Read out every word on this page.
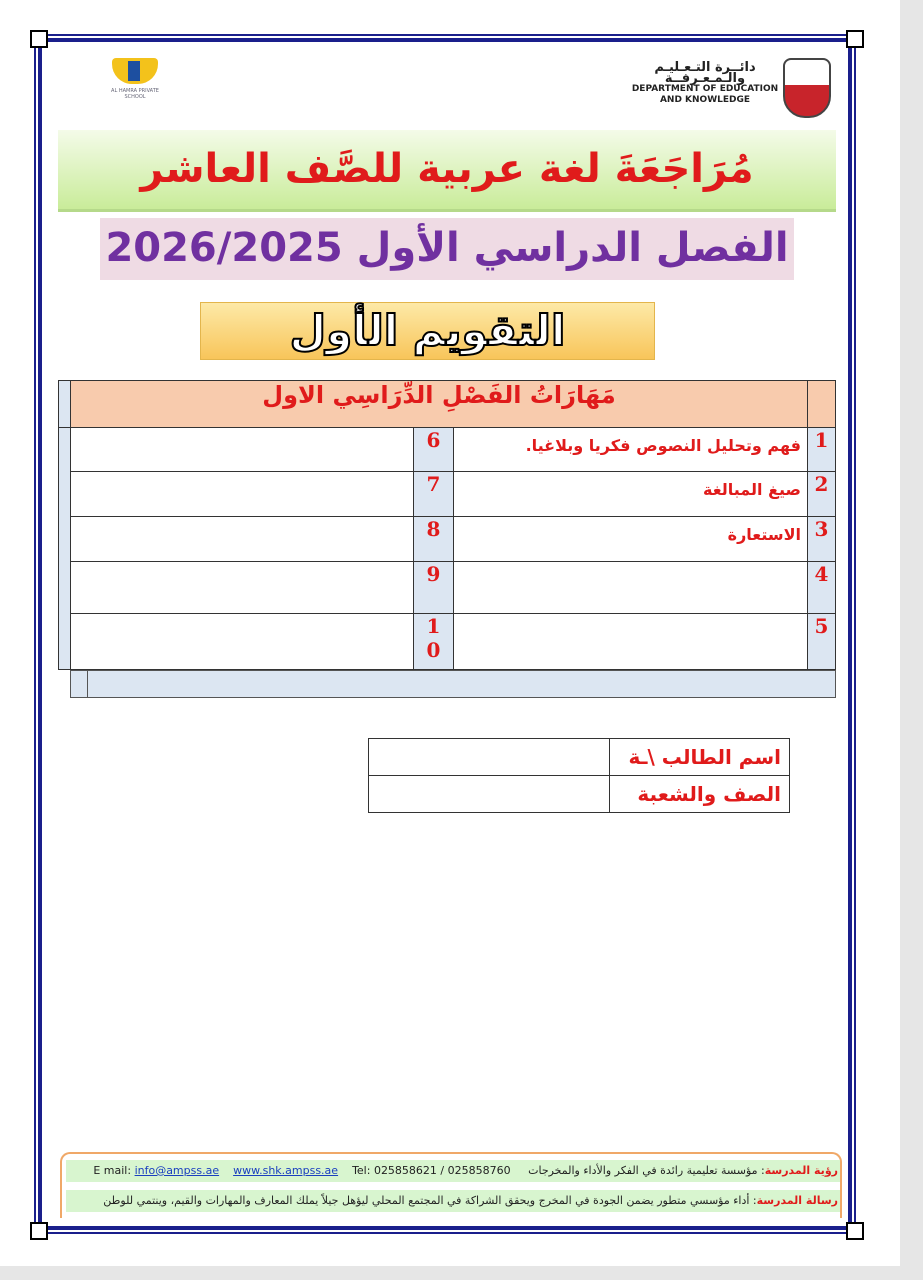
AL HAMRA PRIVATE SCHOOL
دائــرة التـعـليـم والـمـعـرفــة
DEPARTMENT OF EDUCATION
AND KNOWLEDGE
مُرَاجَعَةَ لغة عربية للصَّف العاشر
الفصل الدراسي الأول 2026/2025
التقويم الأول
	مَهَارَاتُ الفَصْلِ الدِّرَاسِي الاول			
		6	فهم وتحليل النصوص فكريا وبلاغيا.	1
		7	صيغ المبالغة	2
		8	الاستعارة	3
		9		4
		10		5
	اسم الطالب \ـة
	الصف والشعبة
رؤية المدرسة: مؤسسة تعليمية رائدة في الفكر والأداء والمخرجات     Tel: 025858621 / 025858760    www.shk.ampss.ae    E mail: info@ampss.ae
رسالة المدرسة: أداء مؤسسي متطور يضمن الجودة في المخرج ويحقق الشراكة في المجتمع المحلي ليؤهل جيلاً يملك المعارف والمهارات والقيم، وينتمي للوطن
